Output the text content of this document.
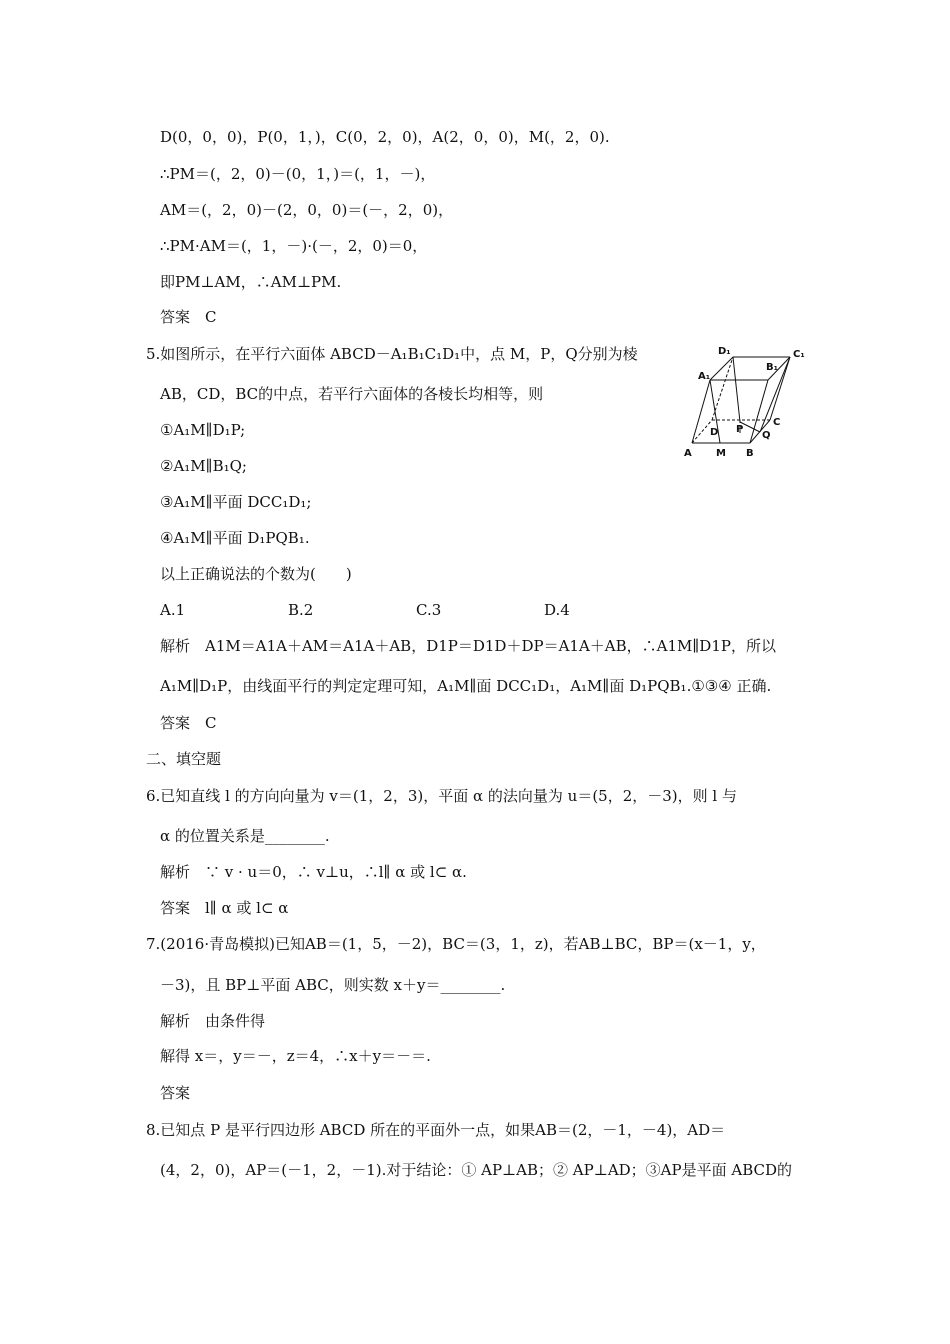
D(0，0，0)，P(0，1，)，C(0，2，0)，A(2，0，0)，M(，2，0).
∴PM＝(，2，0)－(0，1，)＝(，1，－)，
AM＝(，2，0)－(2，0，0)＝(－，2，0)，
∴PM·AM＝(，1，－)·(－，2，0)＝0，
即PM⊥AM，∴AM⊥PM.
答案　C
5.如图所示，在平行六面体 ABCD－A₁B₁C₁D₁中，点 M，P，Q分别为棱
AB，CD，BC的中点，若平行六面体的各棱长均相等，则
①A₁M∥D₁P;
②A₁M∥B₁Q;
③A₁M∥平面 DCC₁D₁;
④A₁M∥平面 D₁PQB₁.
以上正确说法的个数为(　　)
A.1	B.2	C.3	D.4
解析　A1M＝A1A＋AM＝A1A＋AB，D1P＝D1D＋DP＝A1A＋AB，∴A1M∥D1P，所以
A₁M∥D₁P，由线面平行的判定定理可知，A₁M∥面 DCC₁D₁，A₁M∥面 D₁PQB₁.①③④ 正确.
答案　C
D₁	C₁
A₁
B₁
D P
C
Q
A M B
二、填空题
6.已知直线 l 的方向向量为 v＝(1，2，3)，平面 α 的法向量为 u＝(5，2，－3)，则 l 与
α 的位置关系是________.
解析　∵ v · u＝0，∴ v⊥u，∴l∥ α 或 l⊂ α.
答案　l∥ α 或 l⊂ α
7.(2016·青岛模拟)已知AB＝(1，5，－2)，BC＝(3，1，z)，若AB⊥BC，BP＝(x－1，y，
－3)，且 BP⊥平面 ABC，则实数 x＋y＝________.
解析　由条件得
解得 x＝，y＝－，z＝4，∴x＋y＝－＝.
答案
8.已知点 P 是平行四边形 ABCD 所在的平面外一点，如果AB＝(2，－1，－4)，AD＝
(4，2，0)，AP＝(－1，2，－1).对于结论：① AP⊥AB；② AP⊥AD；③AP是平面 ABCD的
